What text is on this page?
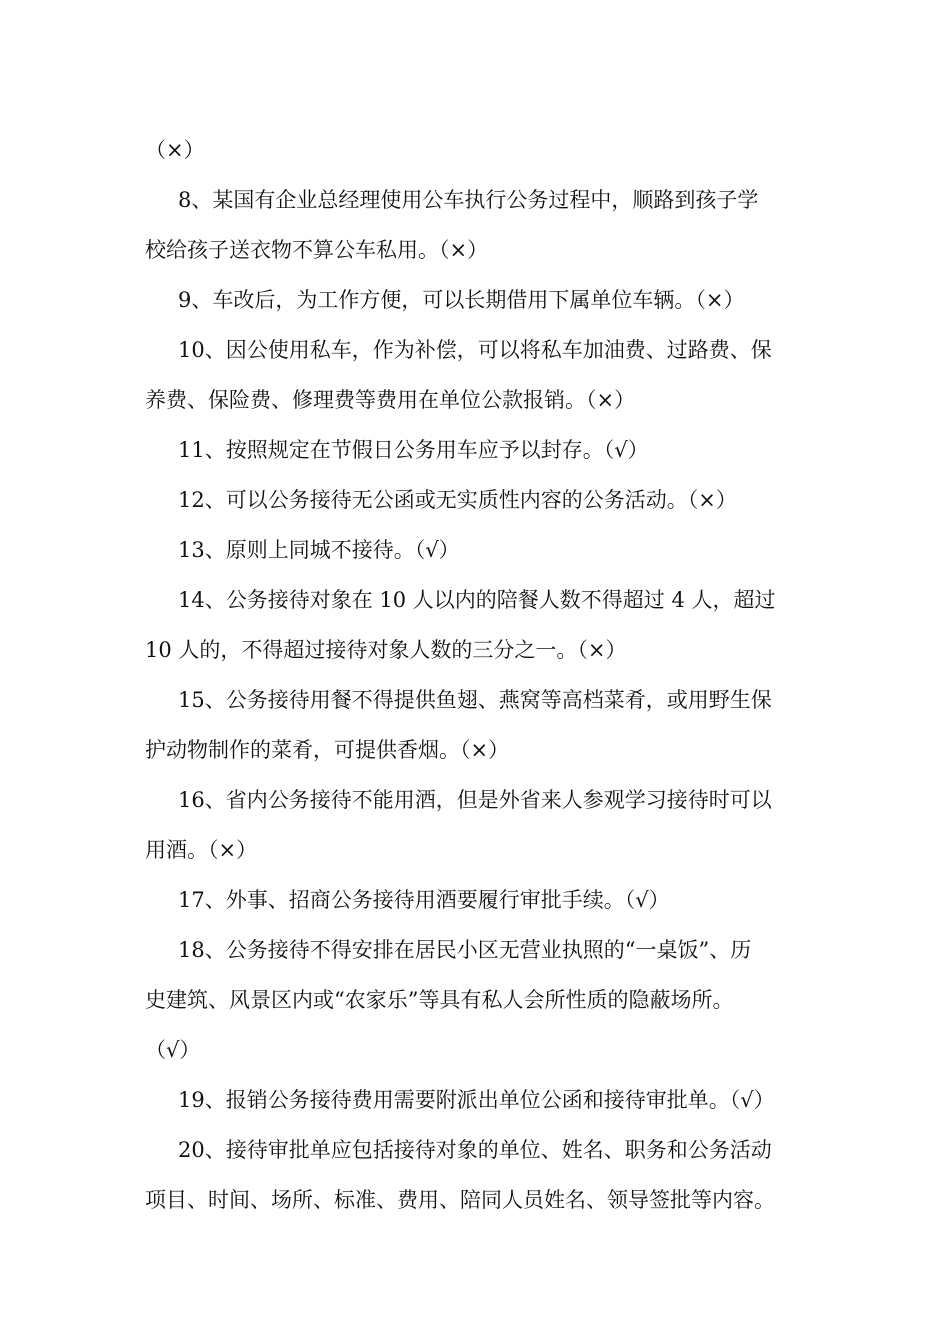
（×）
8、某国有企业总经理使用公车执行公务过程中，顺路到孩子学
校给孩子送衣物不算公车私用。（×）
9、车改后，为工作方便，可以长期借用下属单位车辆。（×）
10、因公使用私车，作为补偿，可以将私车加油费、过路费、保
养费、保险费、修理费等费用在单位公款报销。（×）
11、按照规定在节假日公务用车应予以封存。（√）
12、可以公务接待无公函或无实质性内容的公务活动。（×）
13、原则上同城不接待。（√）
14、公务接待对象在 10 人以内的陪餐人数不得超过 4 人，超过
10 人的，不得超过接待对象人数的三分之一。（×）
15、公务接待用餐不得提供鱼翅、燕窝等高档菜肴，或用野生保
护动物制作的菜肴，可提供香烟。（×）
16、省内公务接待不能用酒，但是外省来人参观学习接待时可以
用酒。（×）
17、外事、招商公务接待用酒要履行审批手续。（√）
18、公务接待不得安排在居民小区无营业执照的“一桌饭”、历
史建筑、风景区内或“农家乐”等具有私人会所性质的隐蔽场所。
（√）
19、报销公务接待费用需要附派出单位公函和接待审批单。（√）
20、接待审批单应包括接待对象的单位、姓名、职务和公务活动
项目、时间、场所、标准、费用、陪同人员姓名、领导签批等内容。
